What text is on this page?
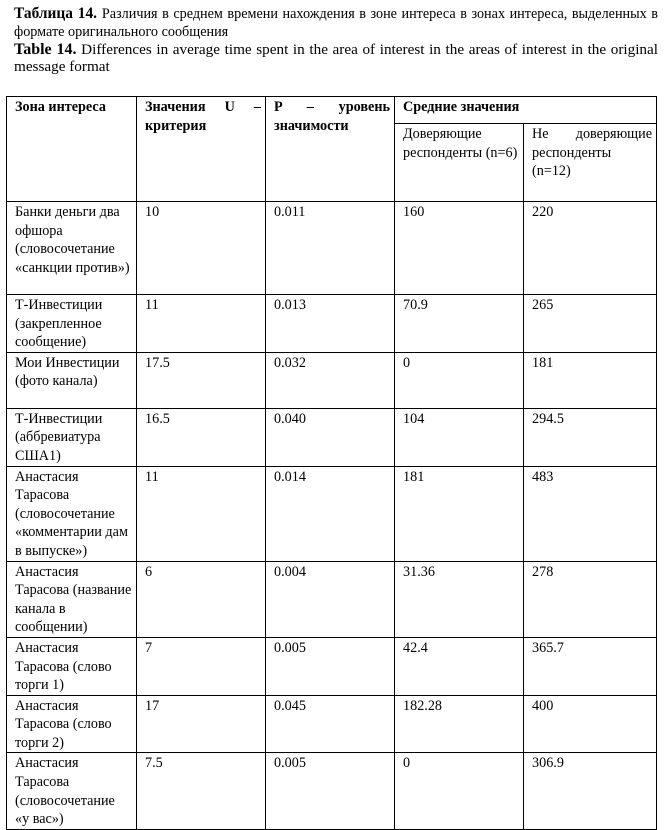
Таблица 14. Различия в среднем времени нахождения в зоне интереса в зонах интереса, выделенных в формате оригинального сообщения

Table 14. Differences in average time spent in the area of interest in the areas of interest in the original message format

Зона интереса	Значения U – критерия	P – уровень значимости	Средние значения	
			Доверяющие респонденты (n=6)	Не доверяющие респонденты (n=12)
Банки деньги два офшора (словосочетание «санкции против»)	10	0.011	160	220
Т-Инвестиции (закрепленное сообщение)	11	0.013	70.9	265
Мои Инвестиции (фото канала)	17.5	0.032	0	181
Т-Инвестиции (аббревиатура США1)	16.5	0.040	104	294.5
Анастасия Тарасова (словосочетание «комментарии дам в выпуске»)	11	0.014	181	483
Анастасия Тарасова (название канала в сообщении)	6	0.004	31.36	278
Анастасия Тарасова (слово торги 1)	7	0.005	42.4	365.7
Анастасия Тарасова (слово торги 2)	17	0.045	182.28	400
Анастасия Тарасова (словосочетание «у вас»)	7.5	0.005	0	306.9
